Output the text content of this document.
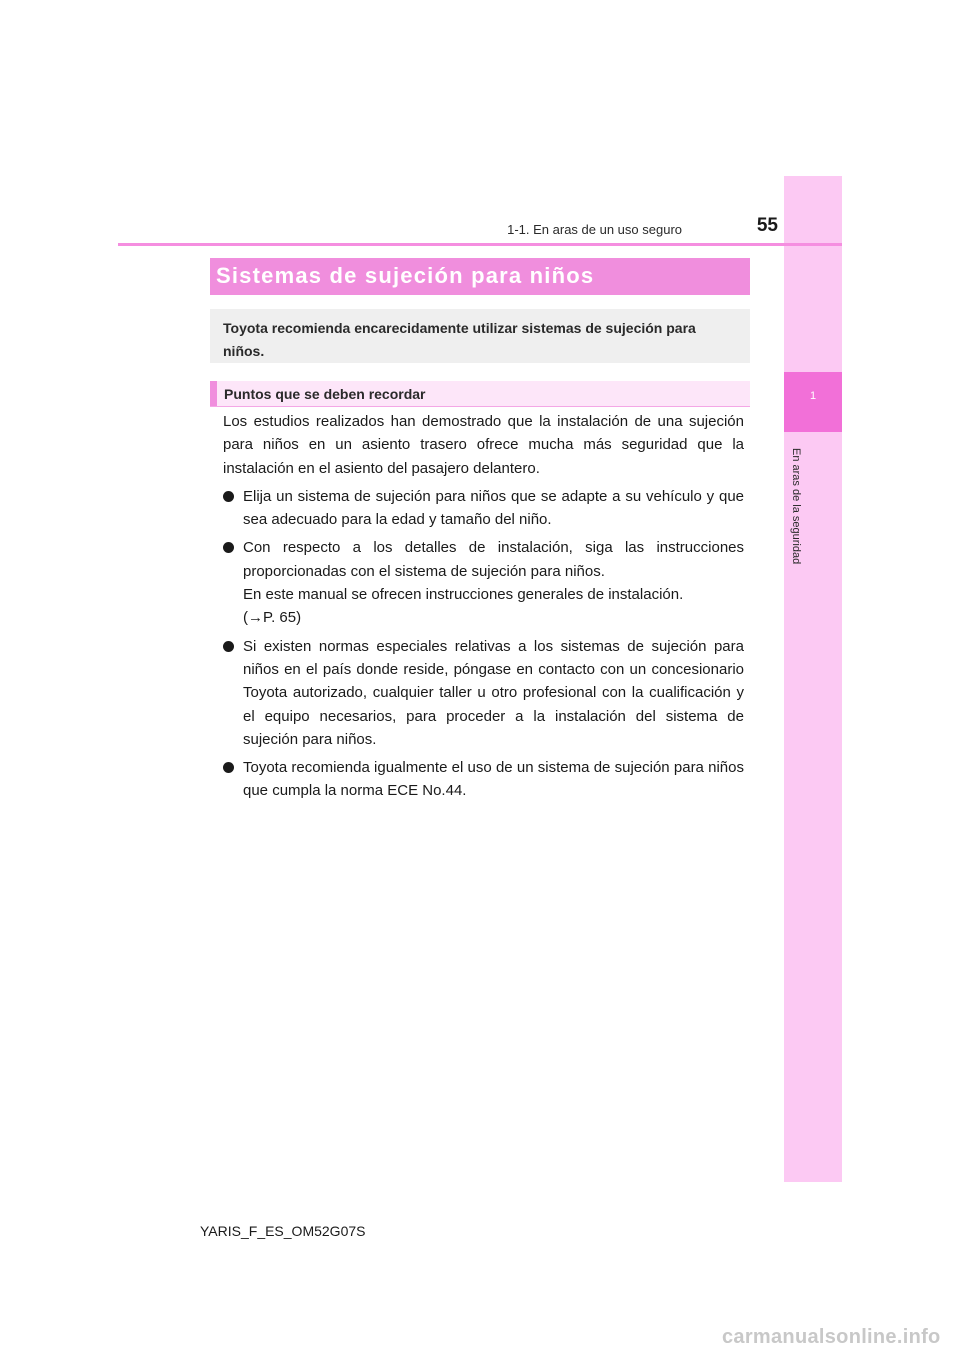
1
En aras de la seguridad
1-1. En aras de un uso seguro	55
Sistemas de sujeción para niños
Toyota recomienda encarecidamente utilizar sistemas de sujeción para niños.
Puntos que se deben recordar

Los estudios realizados han demostrado que la instalación de una sujeción para niños en un asiento trasero ofrece mucha más seguridad que la instalación en el asiento del pasajero delantero.

Elija un sistema de sujeción para niños que se adapte a su vehículo y que sea adecuado para la edad y tamaño del niño.

Con respecto a los detalles de instalación, siga las instrucciones proporcionadas con el sistema de sujeción para niños.

En este manual se ofrecen instrucciones generales de instalación.

(→P. 65)

Si existen normas especiales relativas a los sistemas de sujeción para niños en el país donde reside, póngase en contacto con un concesionario Toyota autorizado, cualquier taller u otro profesional con la cualificación y el equipo necesarios, para proceder a la instalación del sistema de sujeción para niños.

Toyota recomienda igualmente el uso de un sistema de sujeción para niños que cumpla la norma ECE No.44.

YARIS_F_ES_OM52G07S
carmanualsonline.info
